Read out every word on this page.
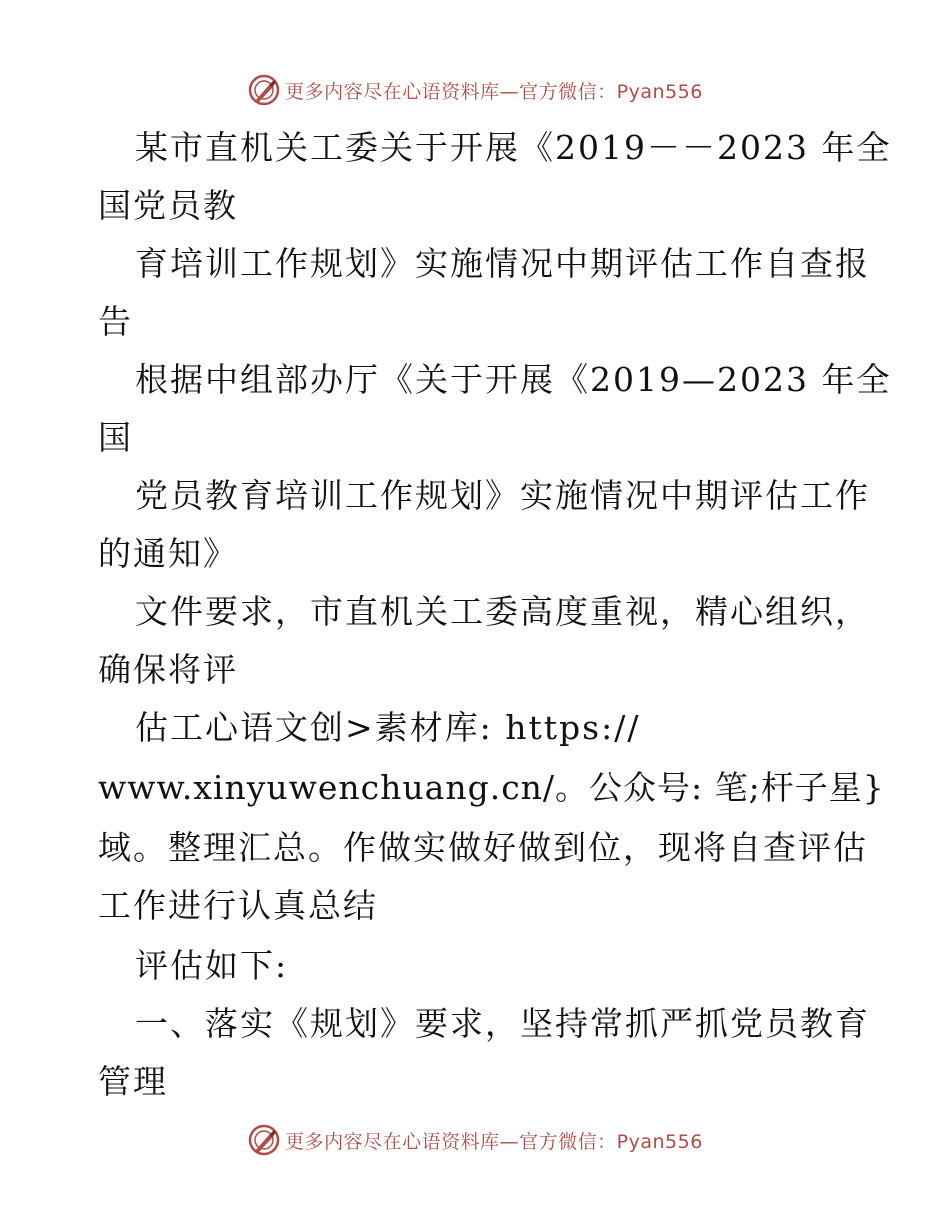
更多内容尽在心语资料库—官方微信：Pyan556
某市直机关工委关于开展《2019－－2023 年全
国党员教
育培训工作规划》实施情况中期评估工作自查报
告
根据中组部办厅《关于开展《2019—2023 年全
国
党员教育培训工作规划》实施情况中期评估工作
的通知》
文件要求，市直机关工委高度重视，精心组织，
确保将评
估工心语文创>素材库: https://
www.xinyuwenchuang.cn/。公众号: 笔;杆子星}
域。整理汇总。作做实做好做到位，现将自查评估
工作进行认真总结
评估如下:
一、落实《规划》要求，坚持常抓严抓党员教育
管理
更多内容尽在心语资料库—官方微信：Pyan556
